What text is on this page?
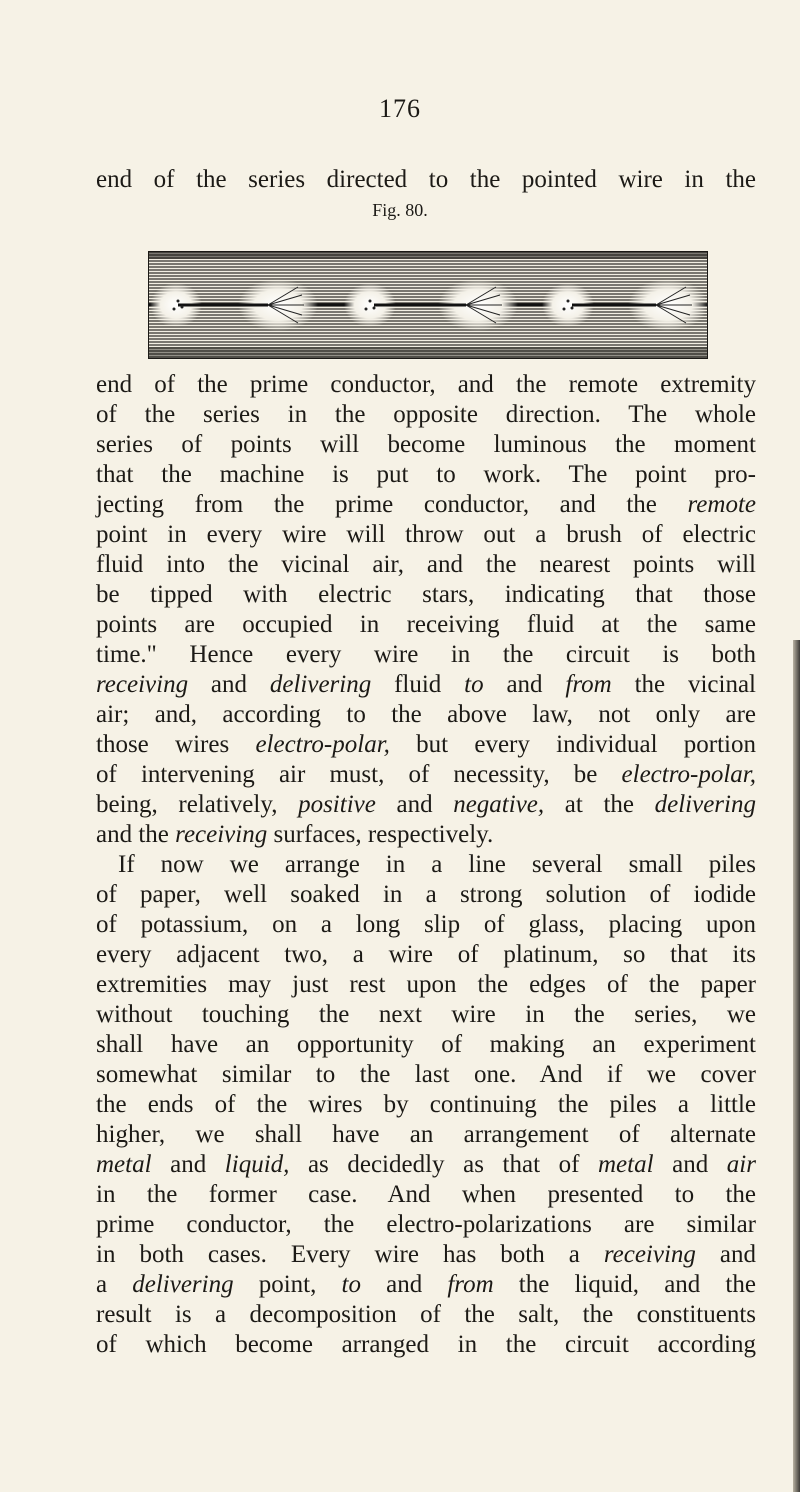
176
end of the series directed to the pointed wire in the
Fig. 80.
end of the prime conductor, and the remote extremity
of the series in the opposite direction. The whole
series of points will become luminous the moment
that the machine is put to work. The point pro-
jecting from the prime conductor, and the remote
point in every wire will throw out a brush of electric
fluid into the vicinal air, and the nearest points will
be tipped with electric stars, indicating that those
points are occupied in receiving fluid at the same
time." Hence every wire in the circuit is both
receiving and delivering fluid to and from the vicinal
air; and, according to the above law, not only are
those wires electro-polar, but every individual portion
of intervening air must, of necessity, be electro-polar,
being, relatively, positive and negative, at the delivering
and the receiving surfaces, respectively.
If now we arrange in a line several small piles
of paper, well soaked in a strong solution of iodide
of potassium, on a long slip of glass, placing upon
every adjacent two, a wire of platinum, so that its
extremities may just rest upon the edges of the paper
without touching the next wire in the series, we
shall have an opportunity of making an experiment
somewhat similar to the last one. And if we cover
the ends of the wires by continuing the piles a little
higher, we shall have an arrangement of alternate
metal and liquid, as decidedly as that of metal and air
in the former case. And when presented to the
prime conductor, the electro-polarizations are similar
in both cases. Every wire has both a receiving and
a delivering point, to and from the liquid, and the
result is a decomposition of the salt, the constituents
of which become arranged in the circuit according
